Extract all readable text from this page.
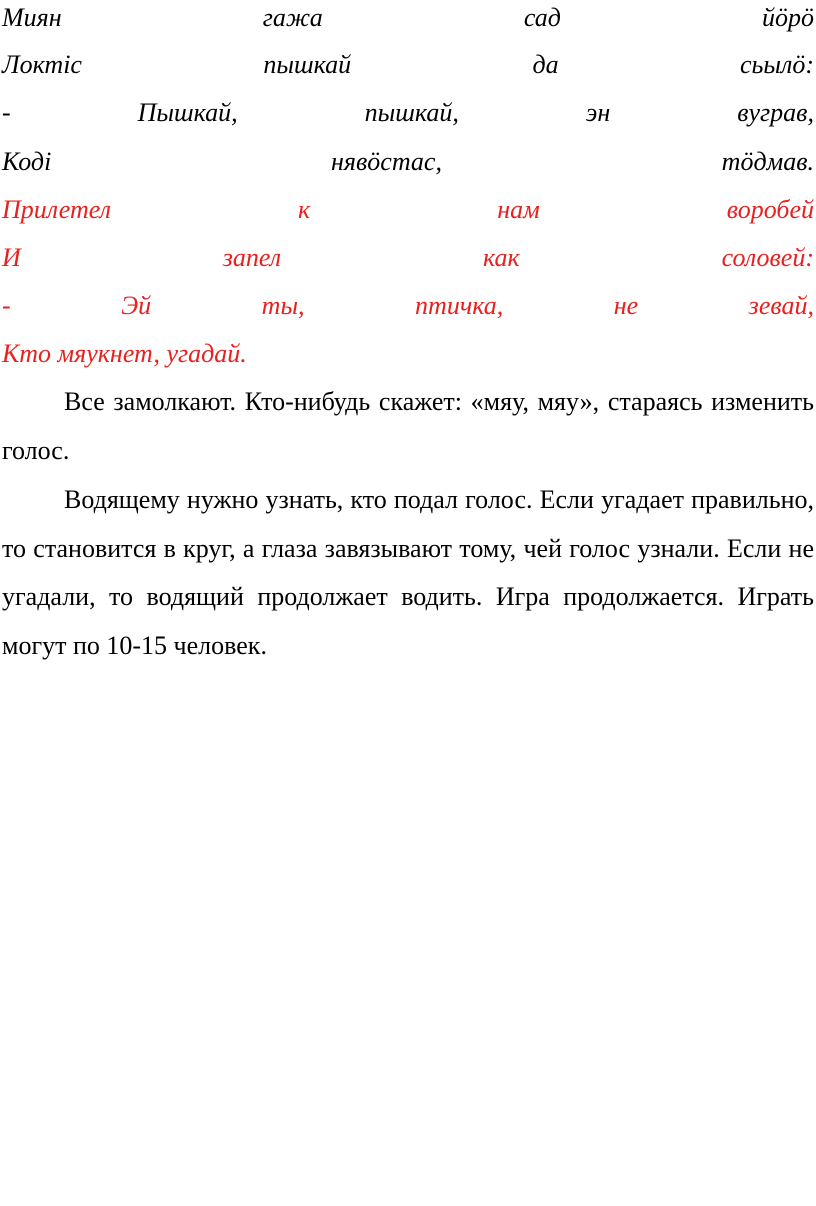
Миян	гажа	сад	йӧрӧ
Локтіс	пышкай	да	сьылӧ:
-	Пышкай,	пышкай,	эн	вуграв,
Коді	нявӧстас,	тӧдмав.
Прилетел	к	нам	воробей
И	запел	как	соловей:
-	Эй	ты,	птичка,	не	зевай,
Кто мяукнет, угадай.

Все замолкают. Кто-нибудь скажет: «мяу, мяу», стараясь изменить голос.

Водящему нужно узнать, кто подал голос. Если угадает правильно, то становится в круг, а глаза завязывают тому, чей голос узнали. Если не угадали, то водящий продолжает водить. Игра продолжается. Играть могут по 10-15 человек.
